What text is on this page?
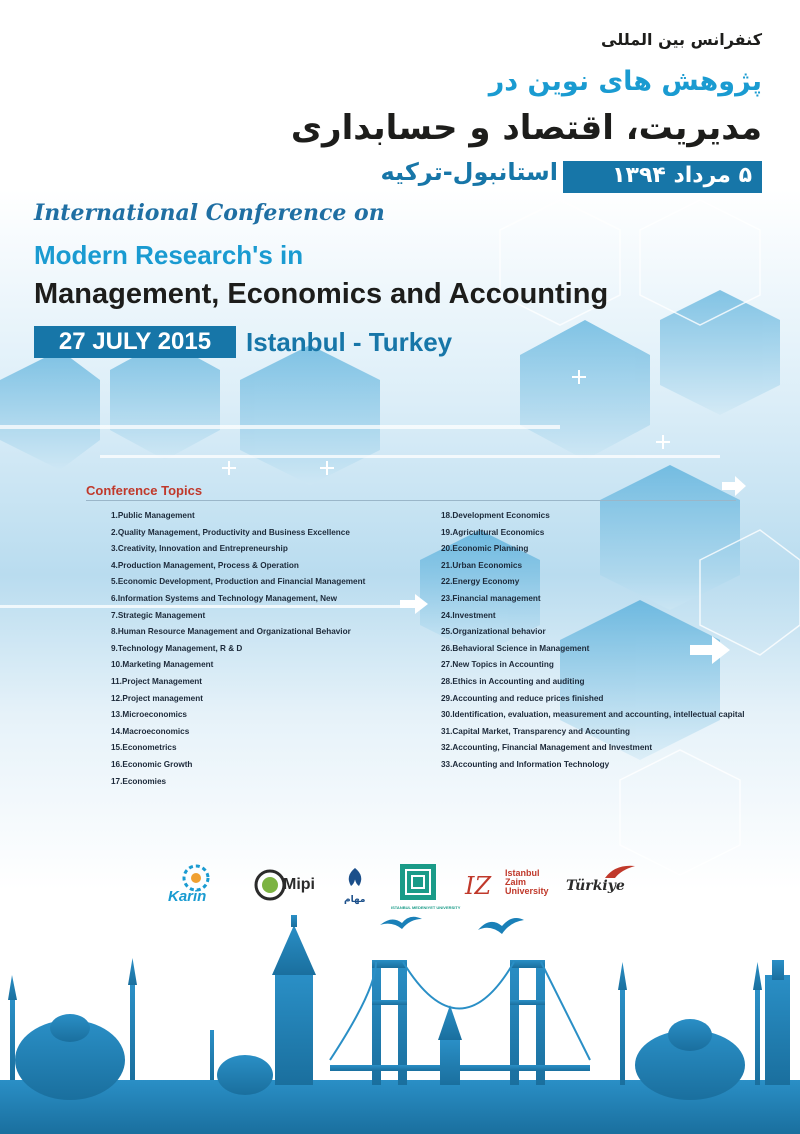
کنفرانس بین المللی
پژوهش های نوین در
مدیریت، اقتصاد و حسابداری
۵ مرداد ۱۳۹۴
استانبول-ترکیه
International Conference on
Modern Research's in
Management, Economics and Accounting
27 JULY 2015	Istanbul - Turkey
Conference Topics
1.Public Management
2.Quality Management, Productivity and Business Excellence
3.Creativity, Innovation and Entrepreneurship
4.Production Management, Process & Operation
5.Economic Development, Production and Financial Management
6.Information Systems and Technology Management, New
7.Strategic Management
8.Human Resource Management and Organizational Behavior
9.Technology Management, R & D
10.Marketing Management
11.Project Management
12.Project management
13.Microeconomics
14.Macroeconomics
15.Econometrics
16.Economic Growth
17.Economies
18.Development Economics
19.Agricultural Economics
20.Economic Planning
21.Urban Economics
22.Energy Economy
23.Financial management
24.Investment
25.Organizational behavior
26.Behavioral Science in Management
27.New Topics in Accounting
28.Ethics in Accounting and auditing
29.Accounting and reduce prices finished
30.Identification, evaluation, measurement and accounting, intellectual capital
31.Capital Market, Transparency and Accounting
32.Accounting, Financial Management and Investment
33.Accounting and Information Technology
Karin
Mipi
مهام
ISTANBUL MEDENIYET UNIVERSITY
IZ Istanbul
Zaim
University Türkiye
